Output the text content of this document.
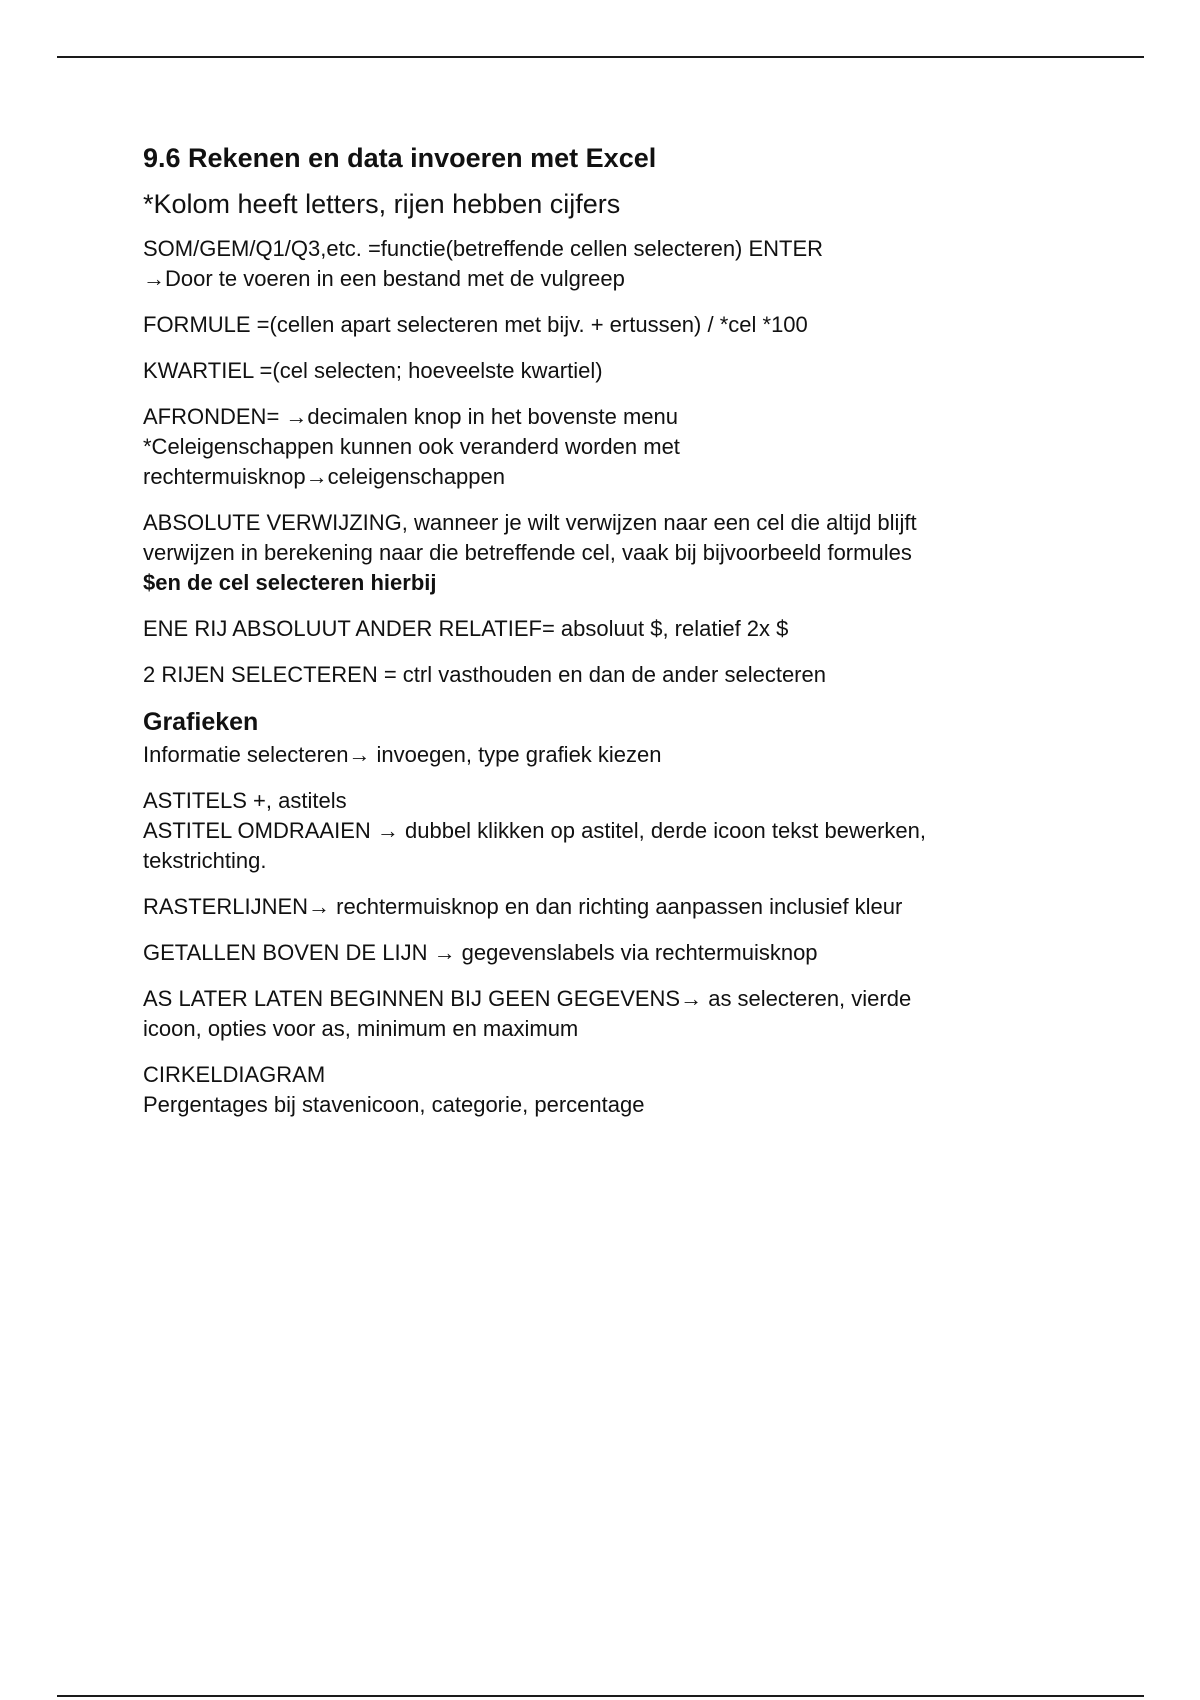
9.6 Rekenen en data invoeren met Excel
*Kolom heeft letters, rijen hebben cijfers
SOM/GEM/Q1/Q3,etc. =functie(betreffende cellen selecteren) ENTER
→Door te voeren in een bestand met de vulgreep
FORMULE =(cellen apart selecteren met bijv. + ertussen) / *cel *100
KWARTIEL =(cel selecten; hoeveelste kwartiel)
AFRONDEN= →decimalen knop in het bovenste menu
*Celeigenschappen kunnen ook veranderd worden met
rechtermuisknop→celeigenschappen
ABSOLUTE VERWIJZING, wanneer je wilt verwijzen naar een cel die altijd blijft
verwijzen in berekening naar die betreffende cel, vaak bij bijvoorbeeld formules
$en de cel selecteren hierbij
ENE RIJ ABSOLUUT ANDER RELATIEF= absoluut $, relatief 2x $
2 RIJEN SELECTEREN = ctrl vasthouden en dan de ander selecteren
Grafieken
Informatie selecteren→ invoegen, type grafiek kiezen
ASTITELS +, astitels
ASTITEL OMDRAAIEN → dubbel klikken op astitel, derde icoon tekst bewerken,
tekstrichting.
RASTERLIJNEN→ rechtermuisknop en dan richting aanpassen inclusief kleur
GETALLEN BOVEN DE LIJN → gegevenslabels via rechtermuisknop
AS LATER LATEN BEGINNEN BIJ GEEN GEGEVENS→ as selecteren, vierde
icoon, opties voor as, minimum en maximum
CIRKELDIAGRAM
Pergentages bij stavenicoon, categorie, percentage
